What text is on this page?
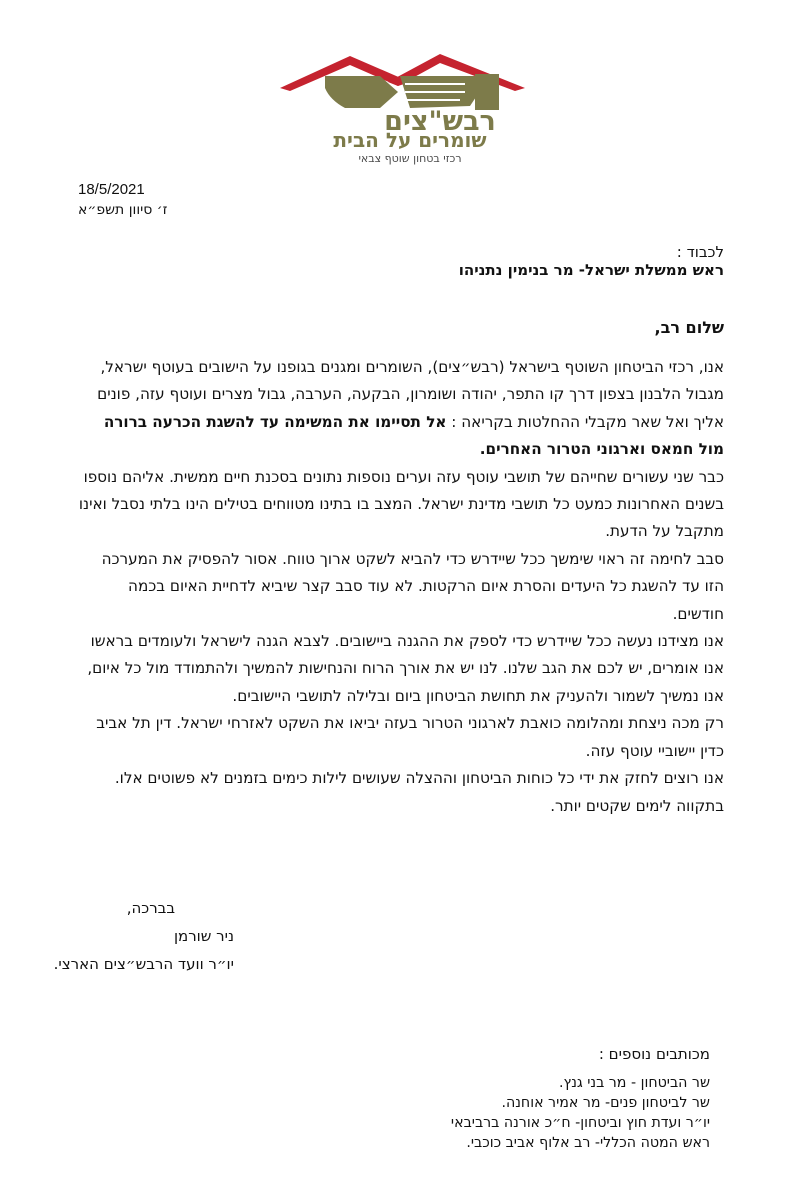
רבש"צים
שומרים על הבית
רכזי בטחון שוטף צבאי

18/5/2021

ז׳ סיוון תשפ״א

לכבוד :

ראש ממשלת ישראל- מר בנימין נתניהו

שלום רב,

אנו, רכזי הביטחון השוטף בישראל (רבש״צים), השומרים ומגנים בגופנו על הישובים בעוטף ישראל, מגבול הלבנון בצפון דרך קו התפר, יהודה ושומרון, הבקעה, הערבה, גבול מצרים ועוטף עזה, פונים אליך ואל שאר מקבלי ההחלטות בקריאה : אל תסיימו את המשימה עד להשגת הכרעה ברורה מול חמאס וארגוני הטרור האחרים.

כבר שני עשורים שחייהם של תושבי עוטף עזה וערים נוספות נתונים בסכנת חיים ממשית. אליהם נוספו בשנים האחרונות כמעט כל תושבי מדינת ישראל. המצב בו בתינו מטווחים בטילים הינו בלתי נסבל ואינו מתקבל על הדעת.

סבב לחימה זה ראוי שימשך ככל שיידרש כדי להביא לשקט ארוך טווח. אסור להפסיק את המערכה הזו עד להשגת כל היעדים והסרת איום הרקטות. לא עוד סבב קצר שיביא לדחיית האיום בכמה חודשים.

אנו מצידנו נעשה ככל שיידרש כדי לספק את ההגנה ביישובים. לצבא הגנה לישראל ולעומדים בראשו אנו אומרים, יש לכם את הגב שלנו. לנו יש את אורך הרוח והנחישות להמשיך ולהתמודד מול כל איום, אנו נמשיך לשמור ולהעניק את תחושת הביטחון ביום ובלילה לתושבי היישובים.

רק מכה ניצחת ומהלומה כואבת לארגוני הטרור בעזה יביאו את השקט לאזרחי ישראל. דין תל אביב כדין יישוביי עוטף עזה.

אנו רוצים לחזק את ידי כל כוחות הביטחון וההצלה שעושים לילות כימים בזמנים לא פשוטים אלו.

בתקווה לימים שקטים יותר.

בברכה,

ניר שורמן

יו״ר וועד הרבש״צים הארצי.

מכותבים נוספים :

שר הביטחון - מר בני גנץ.
שר לביטחון פנים- מר אמיר אוחנה.
יו״ר ועדת חוץ וביטחון- ח״כ אורנה ברביבאי
ראש המטה הכללי- רב אלוף אביב כוכבי.
